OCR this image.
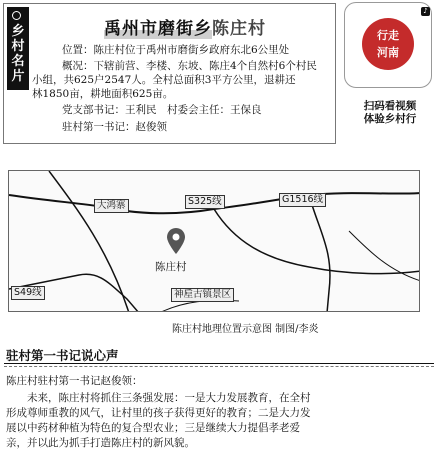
乡村名片
禹州市磨街乡陈庄村
位置：陈庄村位于禹州市磨街乡政府东北6公里处
概况：下辖前营、李楼、东坡、陈庄4个自然村6个村民
小组，共625户2547人。全村总面积3平方公里，退耕还
林1850亩，耕地面积625亩。
党支部书记：王利民　村委会主任：王保良
驻村第一书记：赵俊领
行走
河南
♪
扫码看视频
体验乡村行
大鸿寨	S325线	G1516线
S49线	神垕古镇景区
陈庄村
陈庄村地理位置示意图 制图/李炎
驻村第一书记说心声
陈庄村驻村第一书记赵俊领：
　　未来，陈庄村将抓住三条强发展：一是大力发展教育，在全村
形成尊师重教的风气，让村里的孩子获得更好的教育；二是大力发
展以中药材种植为特色的复合型农业；三是继续大力提倡孝老爱
亲，并以此为抓手打造陈庄村的新风貌。
